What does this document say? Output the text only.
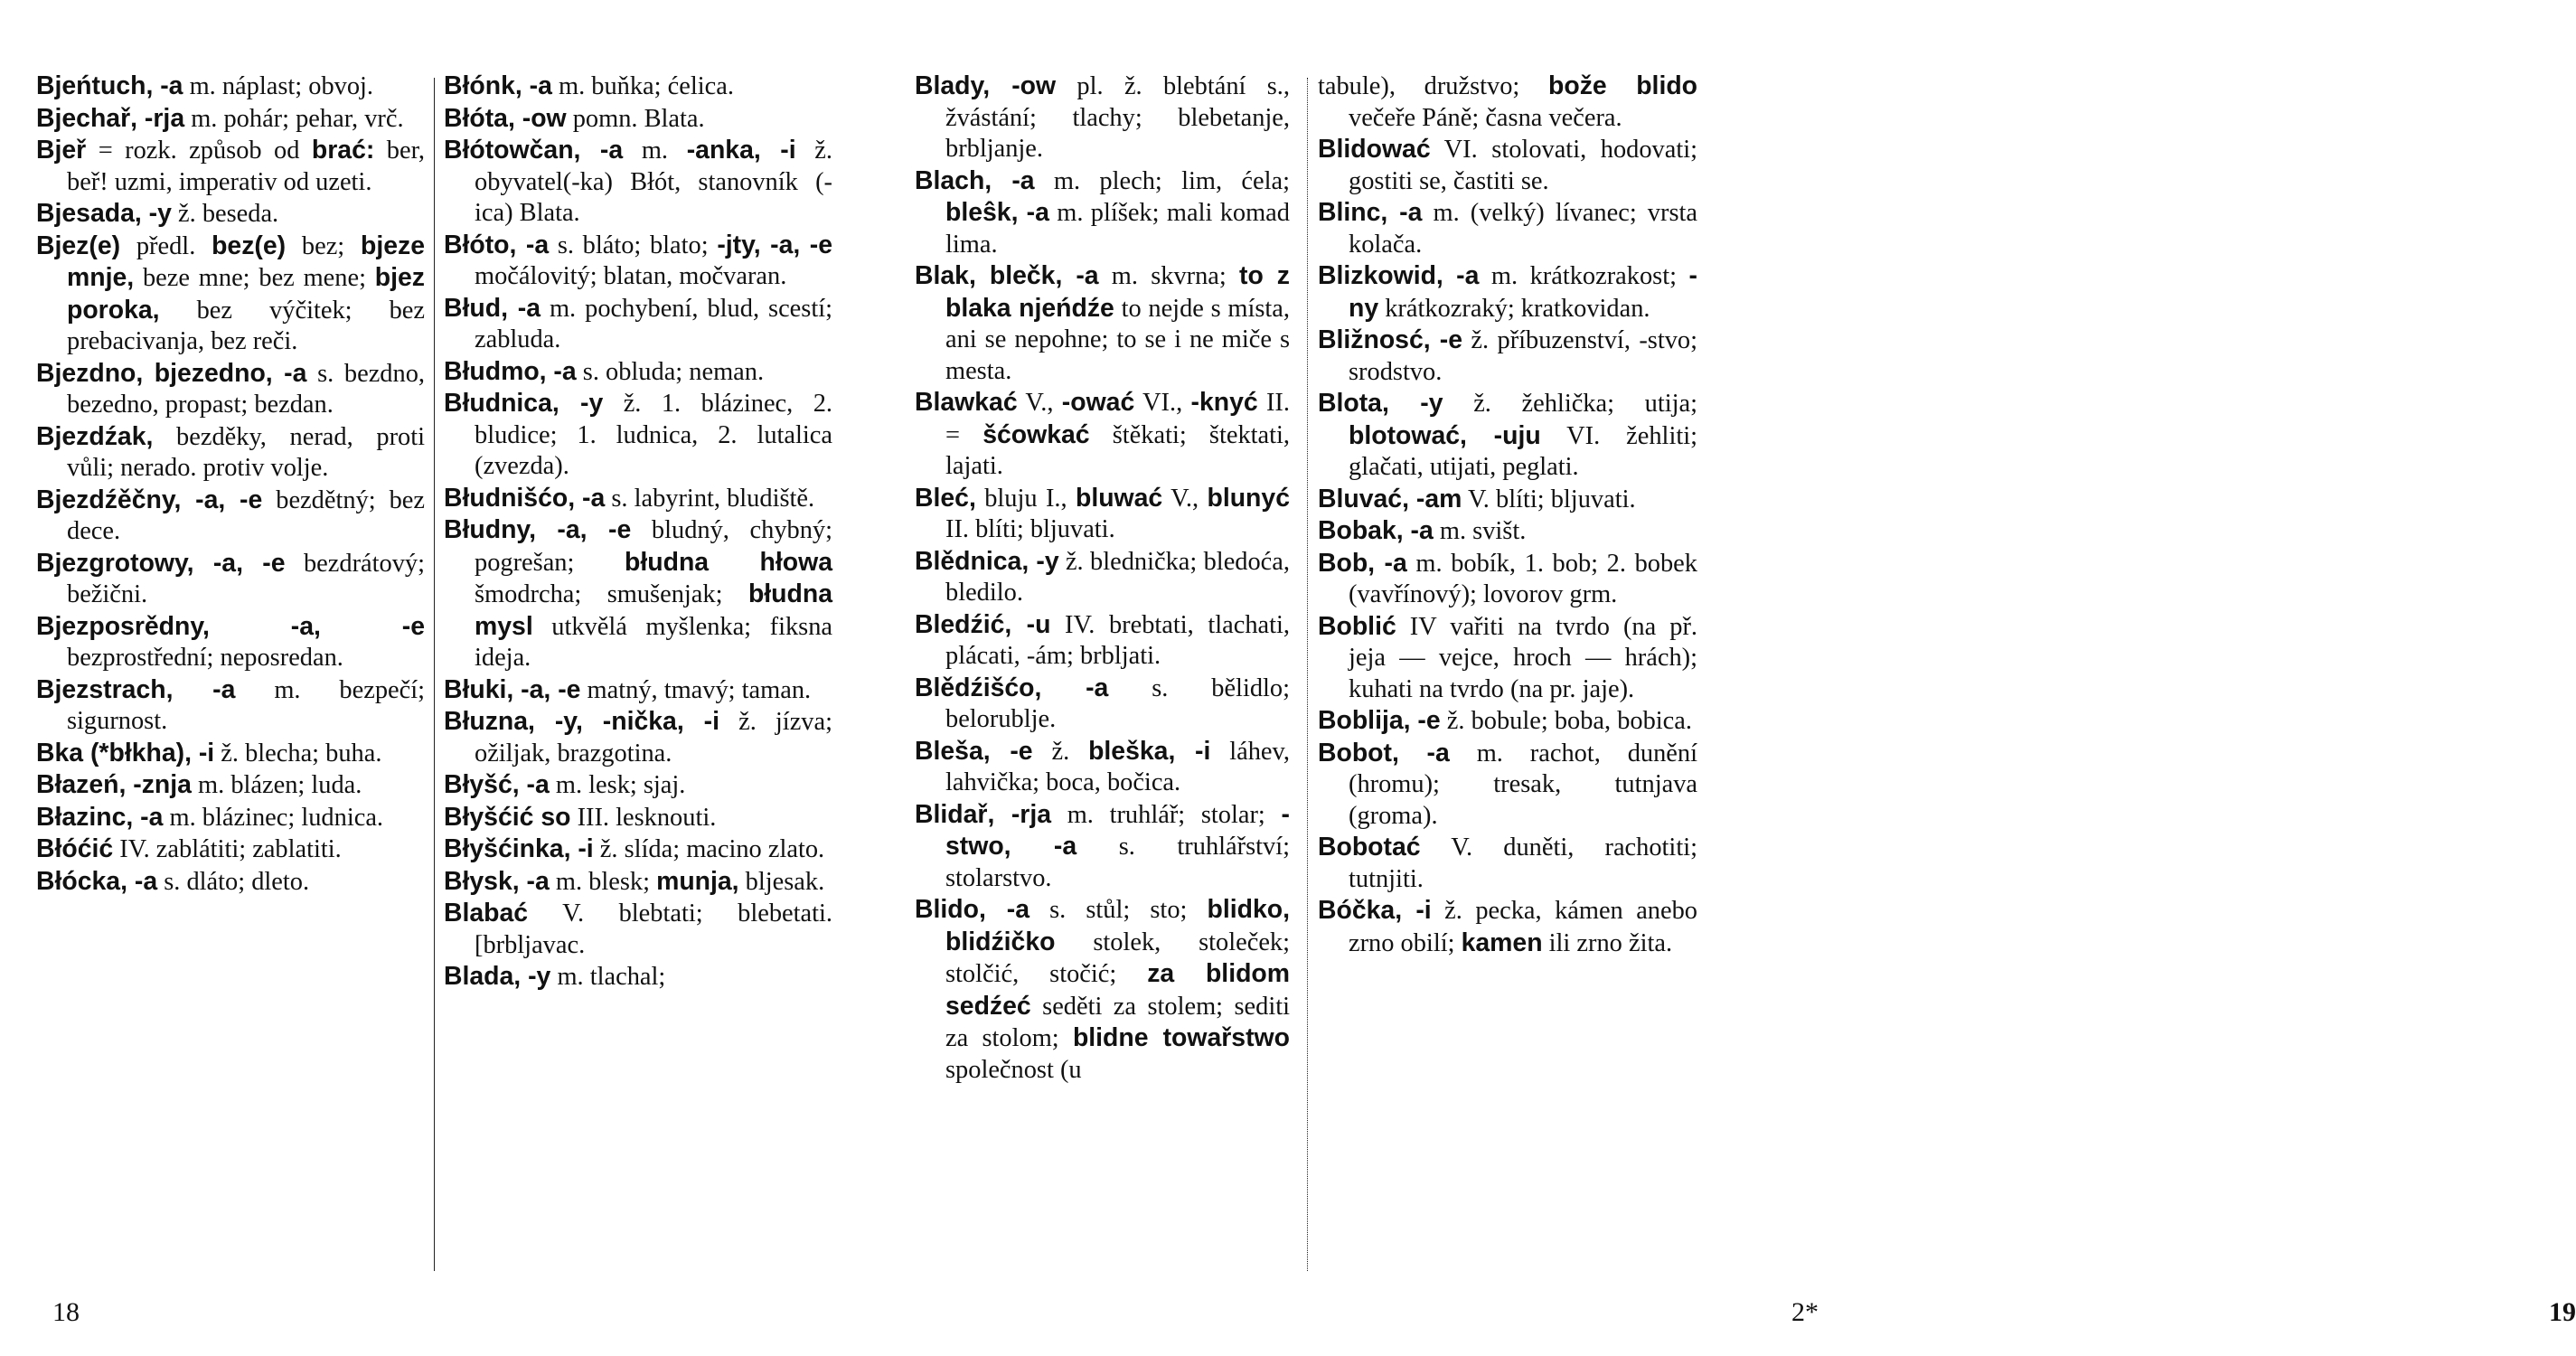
Bjeńtuch, -a m. náplast; obvoj.

Bjechař, -rja m. pohár; pehar, vrč.

Bjeř = rozk. způsob od brać: ber, beř! uzmi, imperativ od uzeti.

Bjesada, -y ž. beseda.

Bjez(e) předl. bez(e) bez; bjeze mnje, beze mne; bez mene; bjez poroka, bez výčitek; bez prebacivanja, bez reči.

Bjezdno, bjezedno, -a s. bezdno, bezedno, propast; bezdan.

Bjezdźak, bezděky, nerad, proti vůli; nerado. protiv volje.

Bjezdźěčny, -a, -e bezdětný; bez dece.

Bjezgrotowy, -a, -e bezdrátový; bežični.

Bjezposrědny, -a, -e bezprostřední; neposredan.

Bjezstrach, -a m. bezpečí; sigurnost.

Bka (*błkha), -i ž. blecha; buha.

Błazeń, -znja m. blázen; luda.

Błazinc, -a m. blázinec; ludnica.

Błóćić IV. zablátiti; zablatiti.

Błócka, -a s. dláto; dleto.

Błónk, -a m. buňka; ćelica.

Błóta, -ow pomn. Blata.

Błótowčan, -a m. -anka, -i ž. obyvatel(-ka) Błót, stanovník (-ica) Blata.

Błóto, -a s. bláto; blato; -jty, -a, -e močálovitý; blatan, močvaran.

Błud, -a m. pochybení, blud, scestí; zabluda.

Błudmo, -a s. obluda; neman.

Błudnica, -y ž. 1. blázinec, 2. bludice; 1. ludnica, 2. lutalica (zvezda).

Błudnišćo, -a s. labyrint, bludiště.

Błudny, -a, -e bludný, chybný; pogrešan; błudna hłowa šmodrcha; smušenjak; błudna mysl utkvělá myšlenka; fiksna ideja.

Błuki, -a, -e matný, tmavý; taman.

Błuzna, -y, -nička, -i ž. jízva; ožiljak, brazgotina.

Błyšć, -a m. lesk; sjaj.

Błyšćić so III. lesknouti.

Błyšćinka, -i ž. slída; macino zlato.

Błysk, -a m. blesk; munja, bljesak.

Blabać V. blebtati; blebetati. [brbljavac.

Blada, -y m. tlachal;

18

Blady, -ow pl. ž. blebtání s., žvástání; tlachy; blebetanje, brbljanje.

Blach, -a m. plech; lim, ćela; bleŝk, -a m. plíšek; mali komad lima.

Blak, blečk, -a m. skvrna; to z blaka njeńdźe to nejde s místa, ani se nepohne; to se i ne miče s mesta.

Blawkać V., -ować VI., -knyć II. = šćowkać štěkati; štektati, lajati.

Bleć, bluju I., bluwać V., blunyć II. blíti; bljuvati.

Blědnica, -y ž. blednička; bledoća, bledilo.

Bledźić, -u IV. brebtati, tlachati, plácati, -ám; brbljati.

Blědźišćo, -a s. bělidlo; belorublje.

Bleša, -e ž. bleška, -i láhev, lahvička; boca, bočica.

Blidař, -rja m. truhlář; stolar; -stwo, -a s. truhlářství; stolarstvo.

Blido, -a s. stůl; sto; blidko, blidźičko stolek, stoleček; stolčić, stočić; za blidom sedźeć seděti za stolem; sediti za stolom; blidne towařstwo společnost (u

tabule), družstvo; bože blido večeře Páně; časna večera.

Blidować VI. stolovati, hodovati; gostiti se, častiti se.

Blinc, -a m. (velký) lívanec; vrsta kolača.

Blizkowid, -a m. krátkozrakost; -ny krátkozraký; kratkovidan.

Bližnosć, -e ž. příbuzenství, -stvo; srodstvo.

Blota, -y ž. žehlička; utija; blotować, -uju VI. žehliti; glačati, utijati, peglati.

Bluvać, -am V. blíti; bljuvati.

Bobak, -a m. svišt.

Bob, -a m. bobík, 1. bob; 2. bobek (vavřínový); lovorov grm.

Boblić IV vařiti na tvrdo (na př. jeja — vejce, hroch — hrách); kuhati na tvrdo (na pr. jaje).

Boblija, -e ž. bobule; boba, bobica.

Bobot, -a m. rachot, dunění (hromu); tresak, tutnjava (groma).

Bobotać V. duněti, rachotiti; tutnjiti.

Bóčka, -i ž. pecka, kámen anebo zrno obilí; kamen ili zrno žita.

2*	19
